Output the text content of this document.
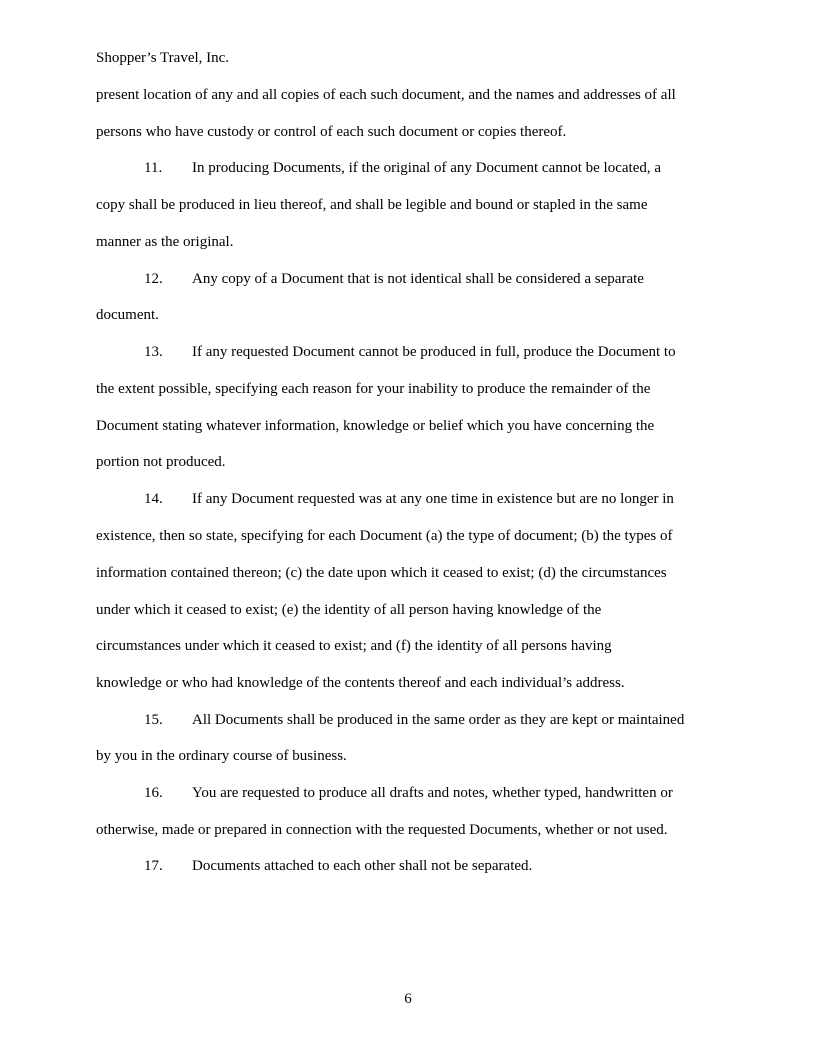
Shopper’s Travel, Inc.

present location of any and all copies of each such document, and the names and addresses of all

persons who have custody or control of each such document or copies thereof.

11. In producing Documents, if the original of any Document cannot be located, a

copy shall be produced in lieu thereof, and shall be legible and bound or stapled in the same

manner as the original.

12. Any copy of a Document that is not identical shall be considered a separate

document.

13. If any requested Document cannot be produced in full, produce the Document to

the extent possible, specifying each reason for your inability to produce the remainder of the

Document stating whatever information, knowledge or belief which you have concerning the

portion not produced.

14. If any Document requested was at any one time in existence but are no longer in

existence, then so state, specifying for each Document (a) the type of document; (b) the types of

information contained thereon; (c) the date upon which it ceased to exist; (d) the circumstances

under which it ceased to exist; (e) the identity of all person having knowledge of the

circumstances under which it ceased to exist; and (f) the identity of all persons having

knowledge or who had knowledge of the contents thereof and each individual’s address.

15. All Documents shall be produced in the same order as they are kept or maintained

by you in the ordinary course of business.

16. You are requested to produce all drafts and notes, whether typed, handwritten or

otherwise, made or prepared in connection with the requested Documents, whether or not used.

17. Documents attached to each other shall not be separated.
6
